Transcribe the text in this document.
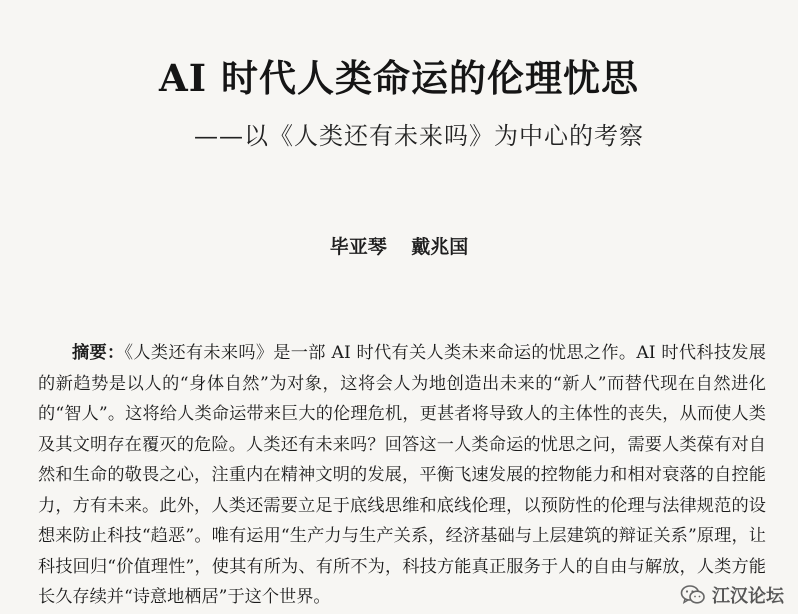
AI 时代人类命运的伦理忧思
——以《人类还有未来吗》为中心的考察
毕亚琴 戴兆国
摘要：《人类还有未来吗》是一部 AI 时代有关人类未来命运的忧思之作。AI 时代科技发展的新趋势是以人的“身体自然”为对象，这将会人为地创造出未来的“新人”而替代现在自然进化的“智人”。这将给人类命运带来巨大的伦理危机，更甚者将导致人的主体性的丧失，从而使人类及其文明存在覆灭的危险。人类还有未来吗？回答这一人类命运的忧思之问，需要人类葆有对自然和生命的敬畏之心，注重内在精神文明的发展，平衡飞速发展的控物能力和相对衰落的自控能力，方有未来。此外，人类还需要立足于底线思维和底线伦理，以预防性的伦理与法律规范的设想来防止科技“趋恶”。唯有运用“生产力与生产关系，经济基础与上层建筑的辩证关系”原理，让科技回归“价值理性”，使其有所为、有所不为，科技方能真正服务于人的自由与解放，人类方能长久存续并“诗意地栖居”于这个世界。	江汉论坛
